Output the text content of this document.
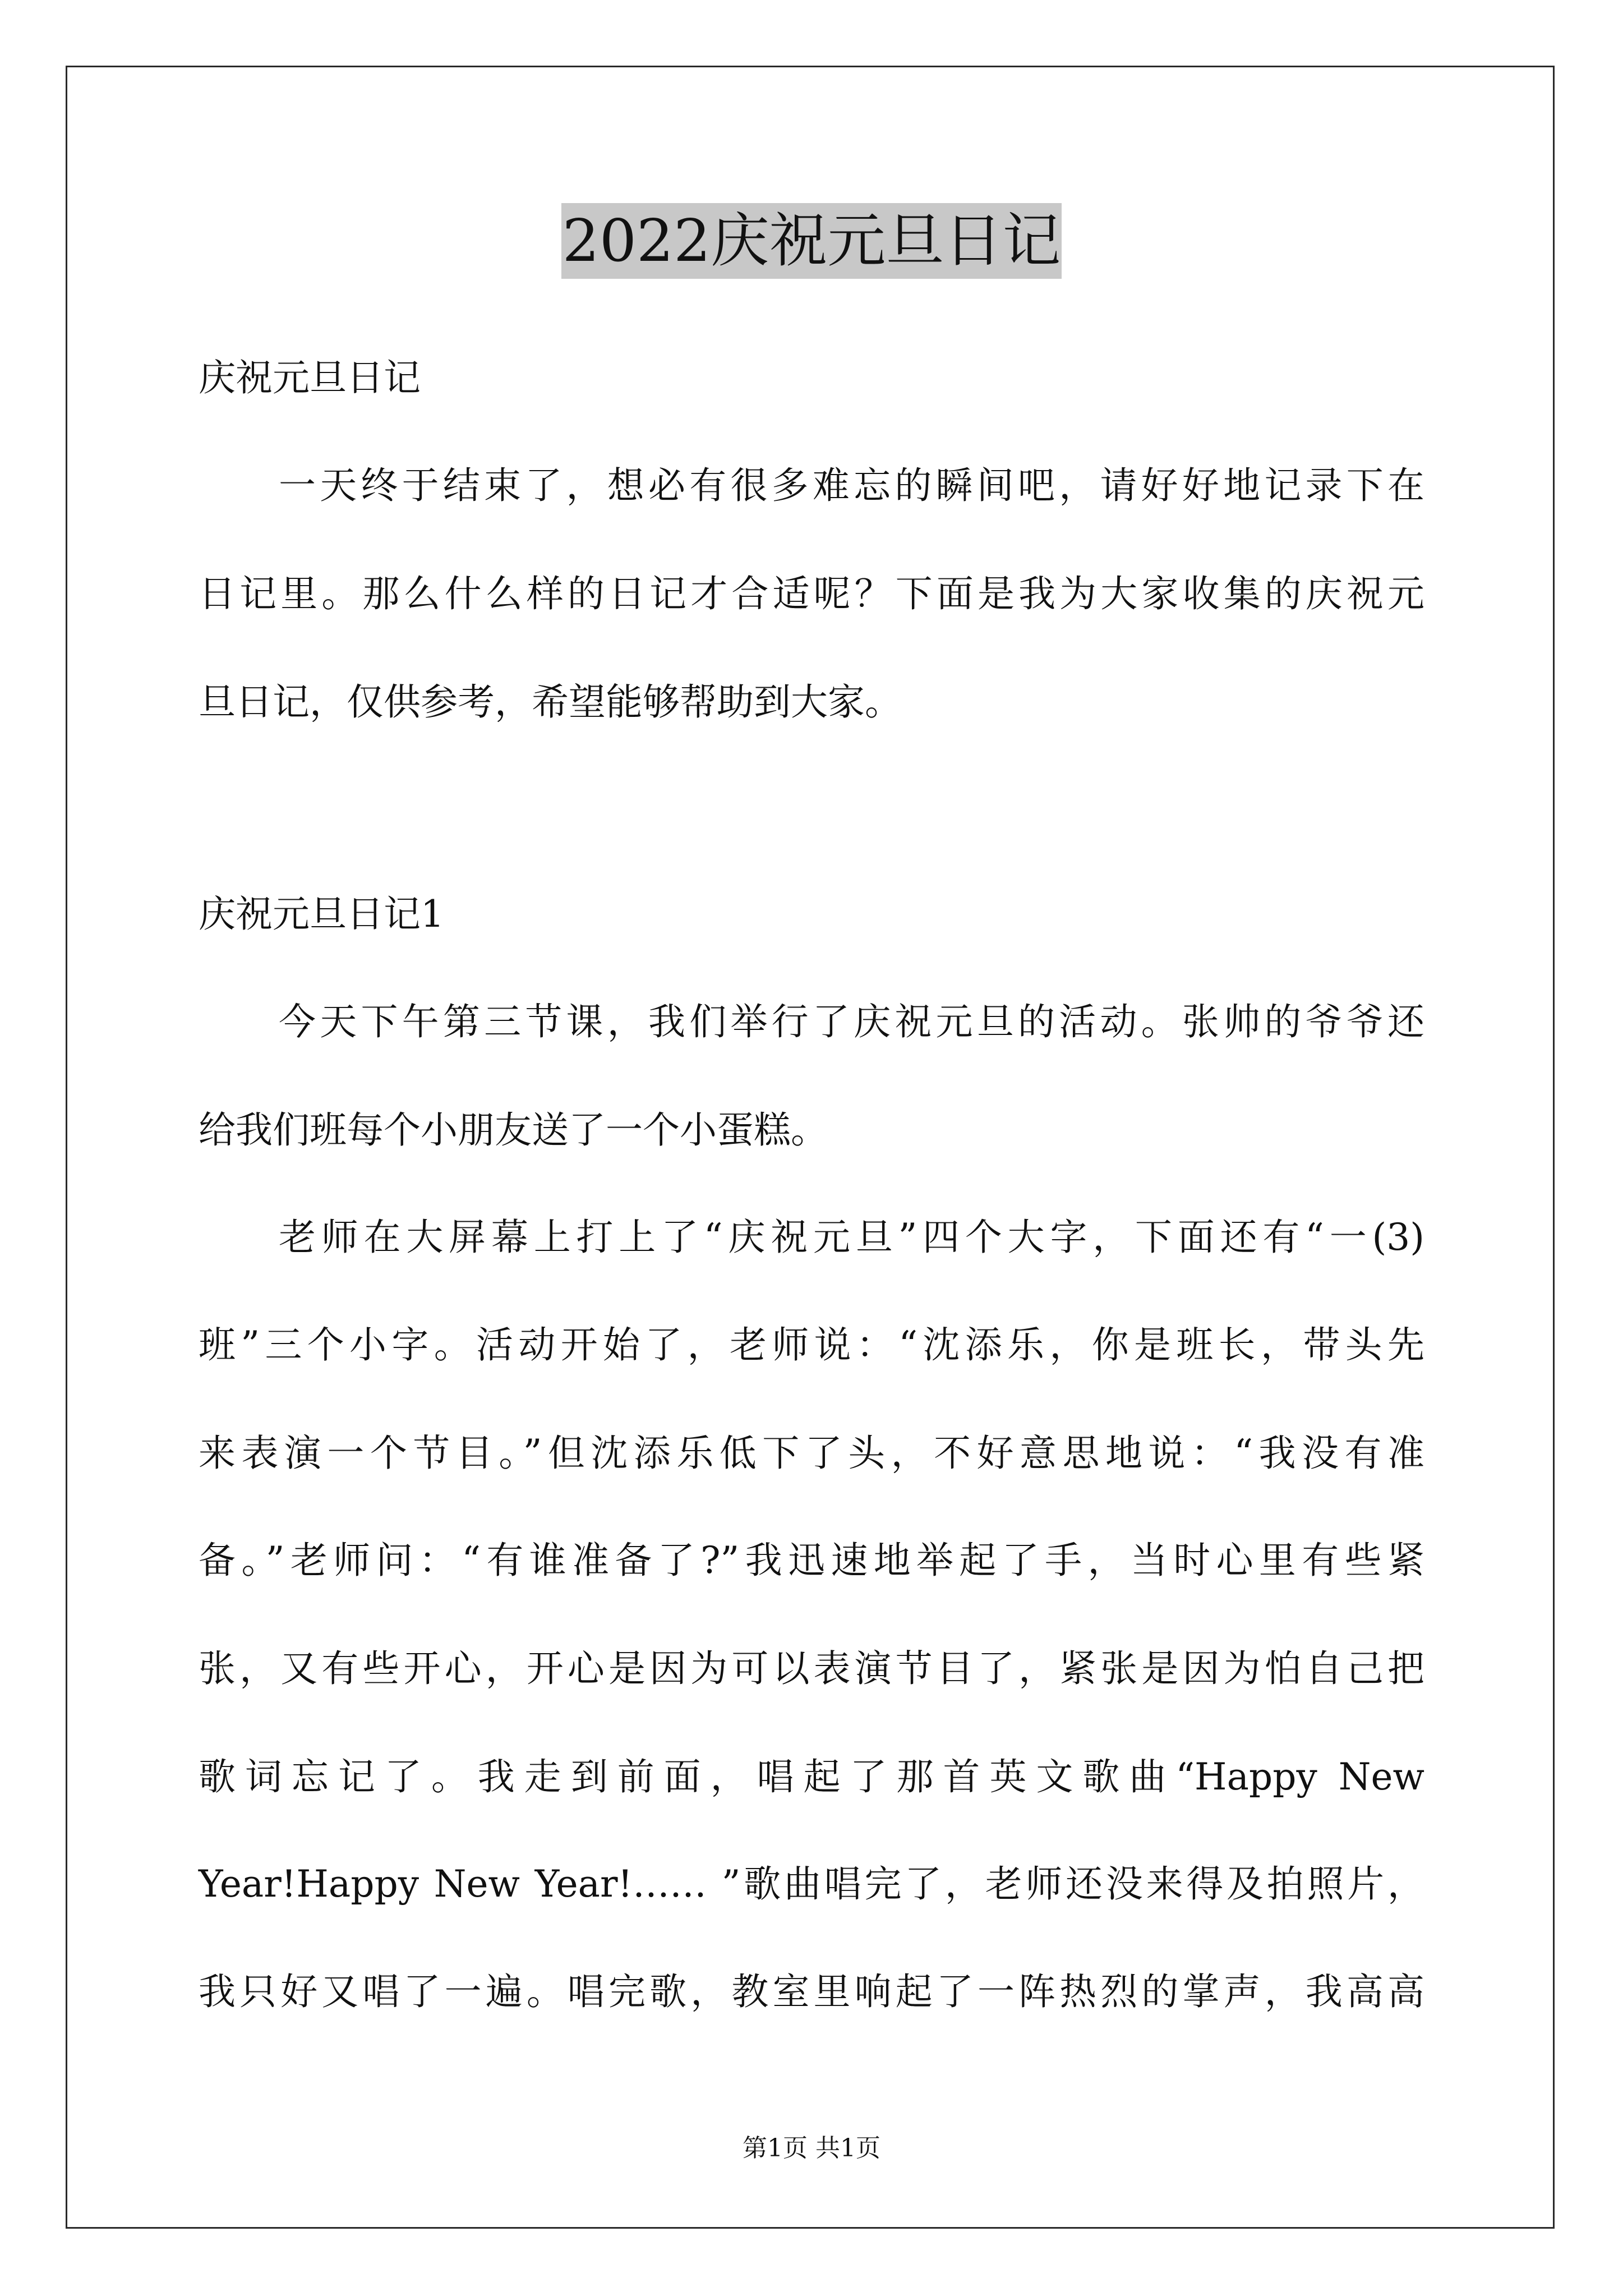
2022庆祝元旦日记
庆祝元旦日记
一天终于结束了，想必有很多难忘的瞬间吧，请好好地记录下在
日记里。那么什么样的日记才合适呢？下面是我为大家收集的庆祝元
旦日记，仅供参考，希望能够帮助到大家。
庆祝元旦日记1
今天下午第三节课，我们举行了庆祝元旦的活动。张帅的爷爷还
给我们班每个小朋友送了一个小蛋糕。
老师在大屏幕上打上了“庆祝元旦”四个大字，下面还有“一(3)
班”三个小字。活动开始了，老师说：“沈添乐，你是班长，带头先
来表演一个节目。”但沈添乐低下了头，不好意思地说：“我没有准
备。”老师问：“有谁准备了?”我迅速地举起了手，当时心里有些紧
张，又有些开心，开心是因为可以表演节目了，紧张是因为怕自己把
歌词忘记了。我走到前面，唱起了那首英文歌曲“Happy New
Year!Happy New Year!…… ”歌曲唱完了，老师还没来得及拍照片，
我只好又唱了一遍。唱完歌，教室里响起了一阵热烈的掌声，我高高
第1页 共1页
